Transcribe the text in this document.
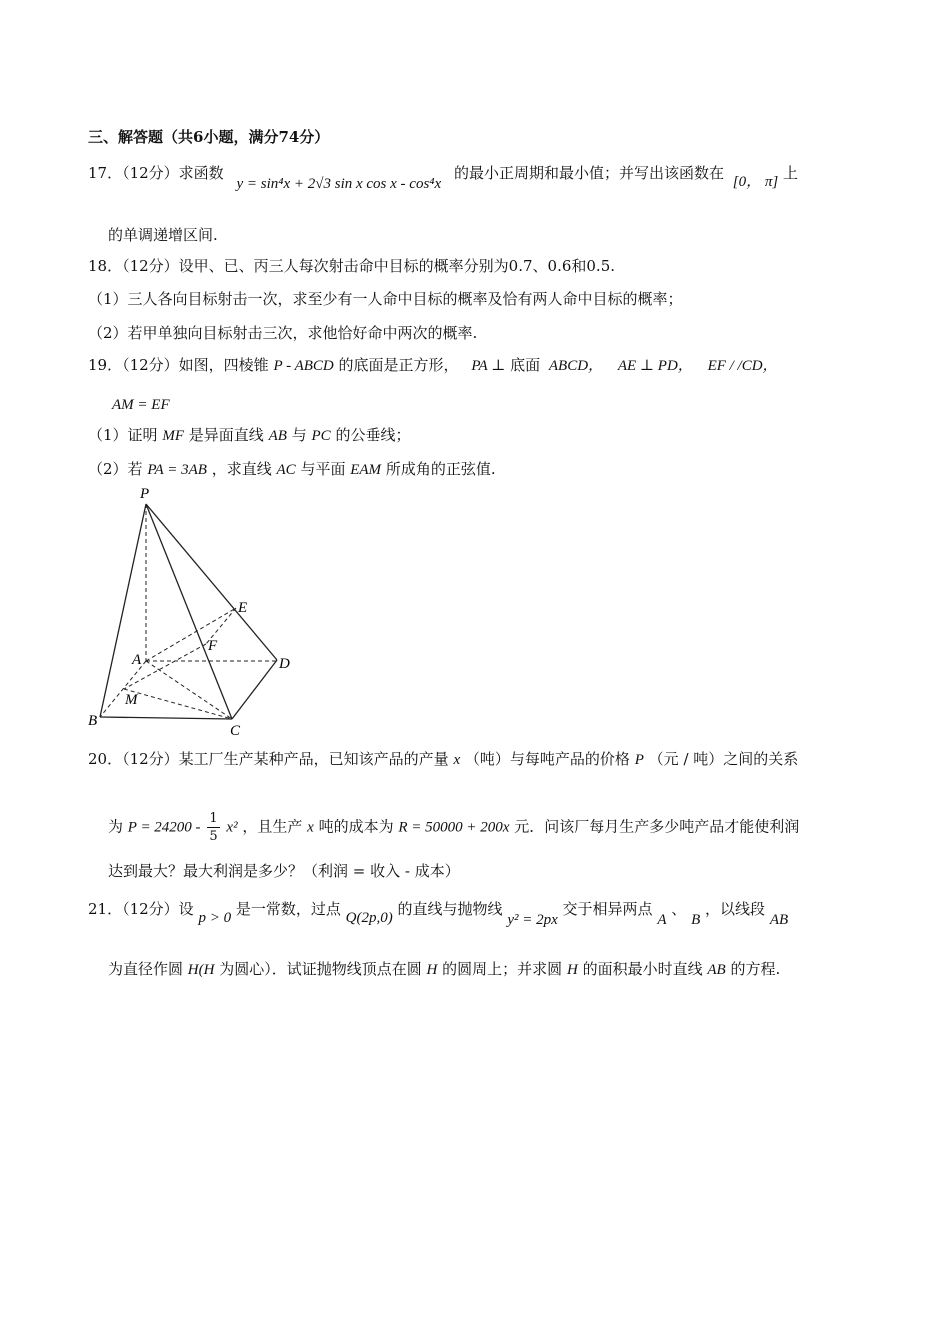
三、解答题（共6小题，满分74分）
17．（12分）求函数 y = sin⁴x + 2√3 sin x cos x - cos⁴x 的最小正周期和最小值；并写出该函数在 [0， π] 上
的单调递增区间.
18．（12分）设甲、已、丙三人每次射击命中目标的概率分别为0.7、0.6和0.5.
（1）三人各向目标射击一次，求至少有一人命中目标的概率及恰有两人命中目标的概率；
（2）若甲单独向目标射击三次，求他恰好命中两次的概率.
19．（12分）如图，四棱锥 P - ABCD 的底面是正方形， PA ⊥ 底面 ABCD， AE ⊥ PD， EF / /CD，
AM = EF
（1）证明 MF 是异面直线 AB 与 PC 的公垂线；
（2）若 PA = 3AB ，求直线 AC 与平面 EAM 所成角的正弦值.
P
E
F
A	D
M
B
C
20．（12分）某工厂生产某种产品，已知该产品的产量 x （吨）与每吨产品的价格 P （元 / 吨）之间的关系
为 $P = 24200 - \frac{1}{5} x^2$ ，且生产 x 吨的成本为 R = 50000 + 200x 元．问该厂每月生产多少吨产品才能使利润
达到最大？最大利润是多少？（利润 = 收入 - 成本）
21．（12分）设 p > 0 是一常数，过点 Q(2p,0) 的直线与抛物线 y² = 2px 交于相异两点 A 、 B ，以线段 AB
为直径作圆 H(H 为圆心）．试证抛物线顶点在圆 H 的圆周上；并求圆 H 的面积最小时直线 AB 的方程.
